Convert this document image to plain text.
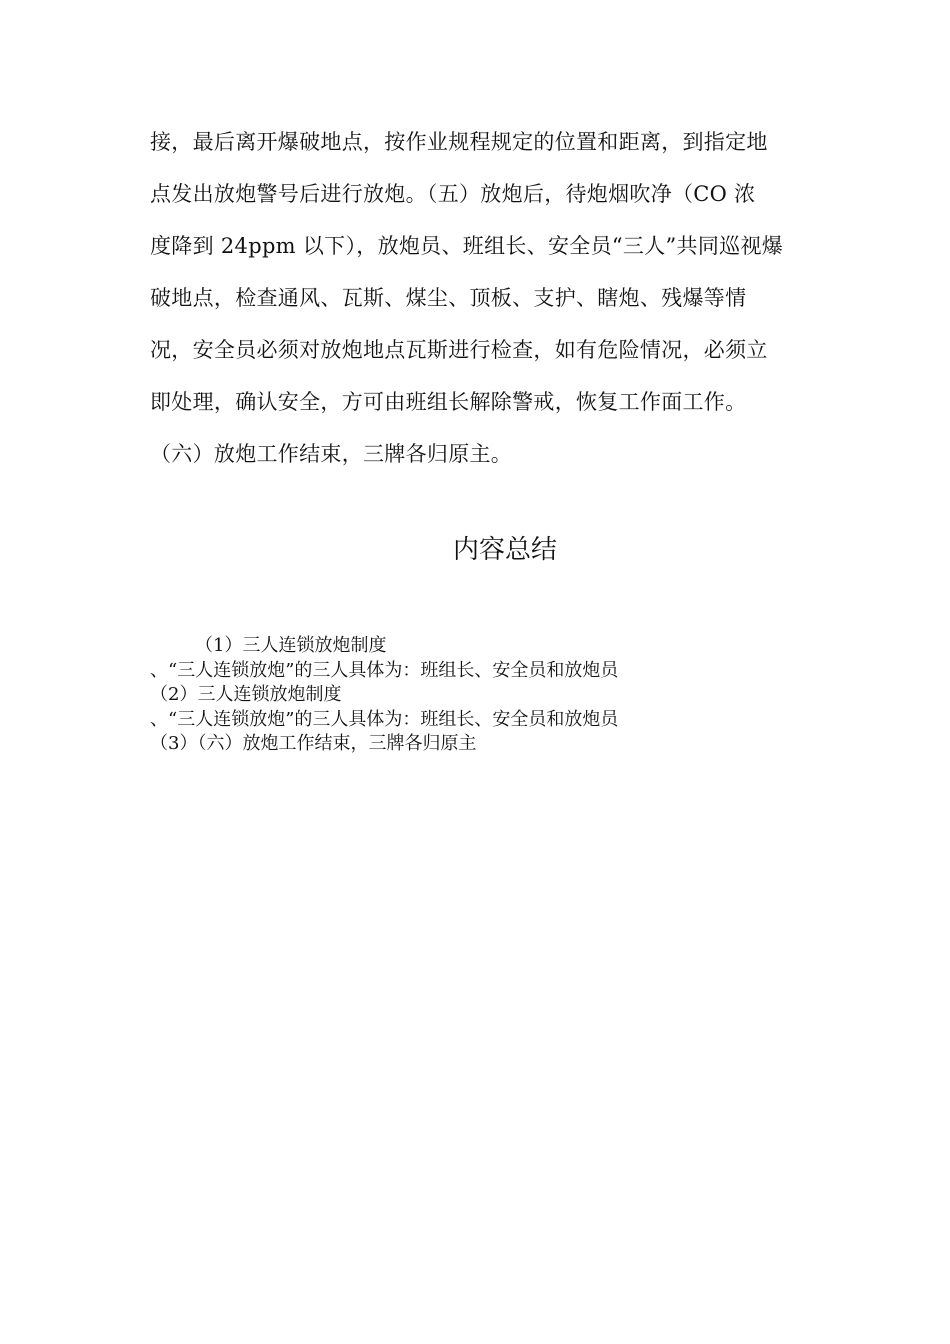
接，最后离开爆破地点，按作业规程规定的位置和距离，到指定地
点发出放炮警号后进行放炮。（五）放炮后，待炮烟吹净（CO 浓
度降到 24ppm 以下），放炮员、班组长、安全员“三人”共同巡视爆
破地点，检查通风、瓦斯、煤尘、顶板、支护、瞎炮、残爆等情
况，安全员必须对放炮地点瓦斯进行检查，如有危险情况，必须立
即处理，确认安全，方可由班组长解除警戒，恢复工作面工作。
（六）放炮工作结束，三牌各归原主。
内容总结
（1）三人连锁放炮制度
、“三人连锁放炮”的三人具体为：班组长、安全员和放炮员
（2）三人连锁放炮制度
、“三人连锁放炮”的三人具体为：班组长、安全员和放炮员
（3）（六）放炮工作结束，三牌各归原主
